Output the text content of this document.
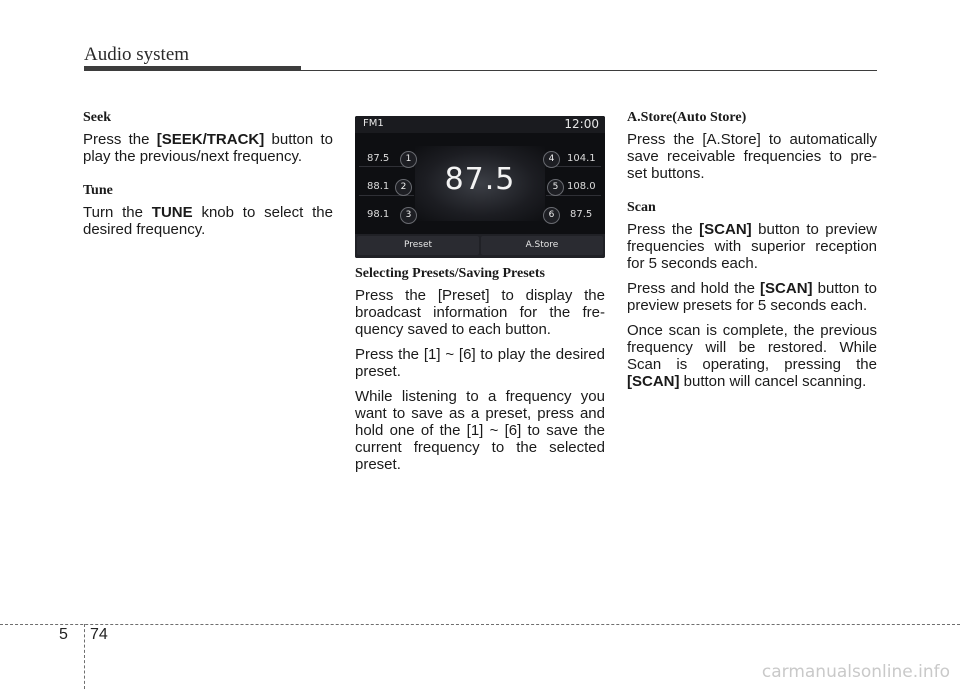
Audio system
Seek

Press the [SEEK/TRACK] button to play the previous/next frequency.

Tune

Turn the TUNE knob to select the desired frequency.

FM1	12:00
87.5
87.5	1
88.1	2
98.1	3
4	104.1
5 108.0
6	87.5
Preset	A.Store
Selecting Presets/Saving Presets

Press the [Preset] to display the broadcast information for the fre-quency saved to each button.

Press the [1] ~ [6] to play the desired preset.

While listening to a frequency you want to save as a preset, press and hold one of the [1] ~ [6] to save the current frequency to the selected preset.

A.Store(Auto Store)

Press the [A.Store] to automatically save receivable frequencies to pre-set buttons.

Scan

Press the [SCAN] button to preview frequencies with superior reception for 5 seconds each.

Press and hold the [SCAN] button to preview presets for 5 seconds each.

Once scan is complete, the previous frequency will be restored. While Scan is operating, pressing the [SCAN] button will cancel scanning.

5 74
carmanualsonline.info
